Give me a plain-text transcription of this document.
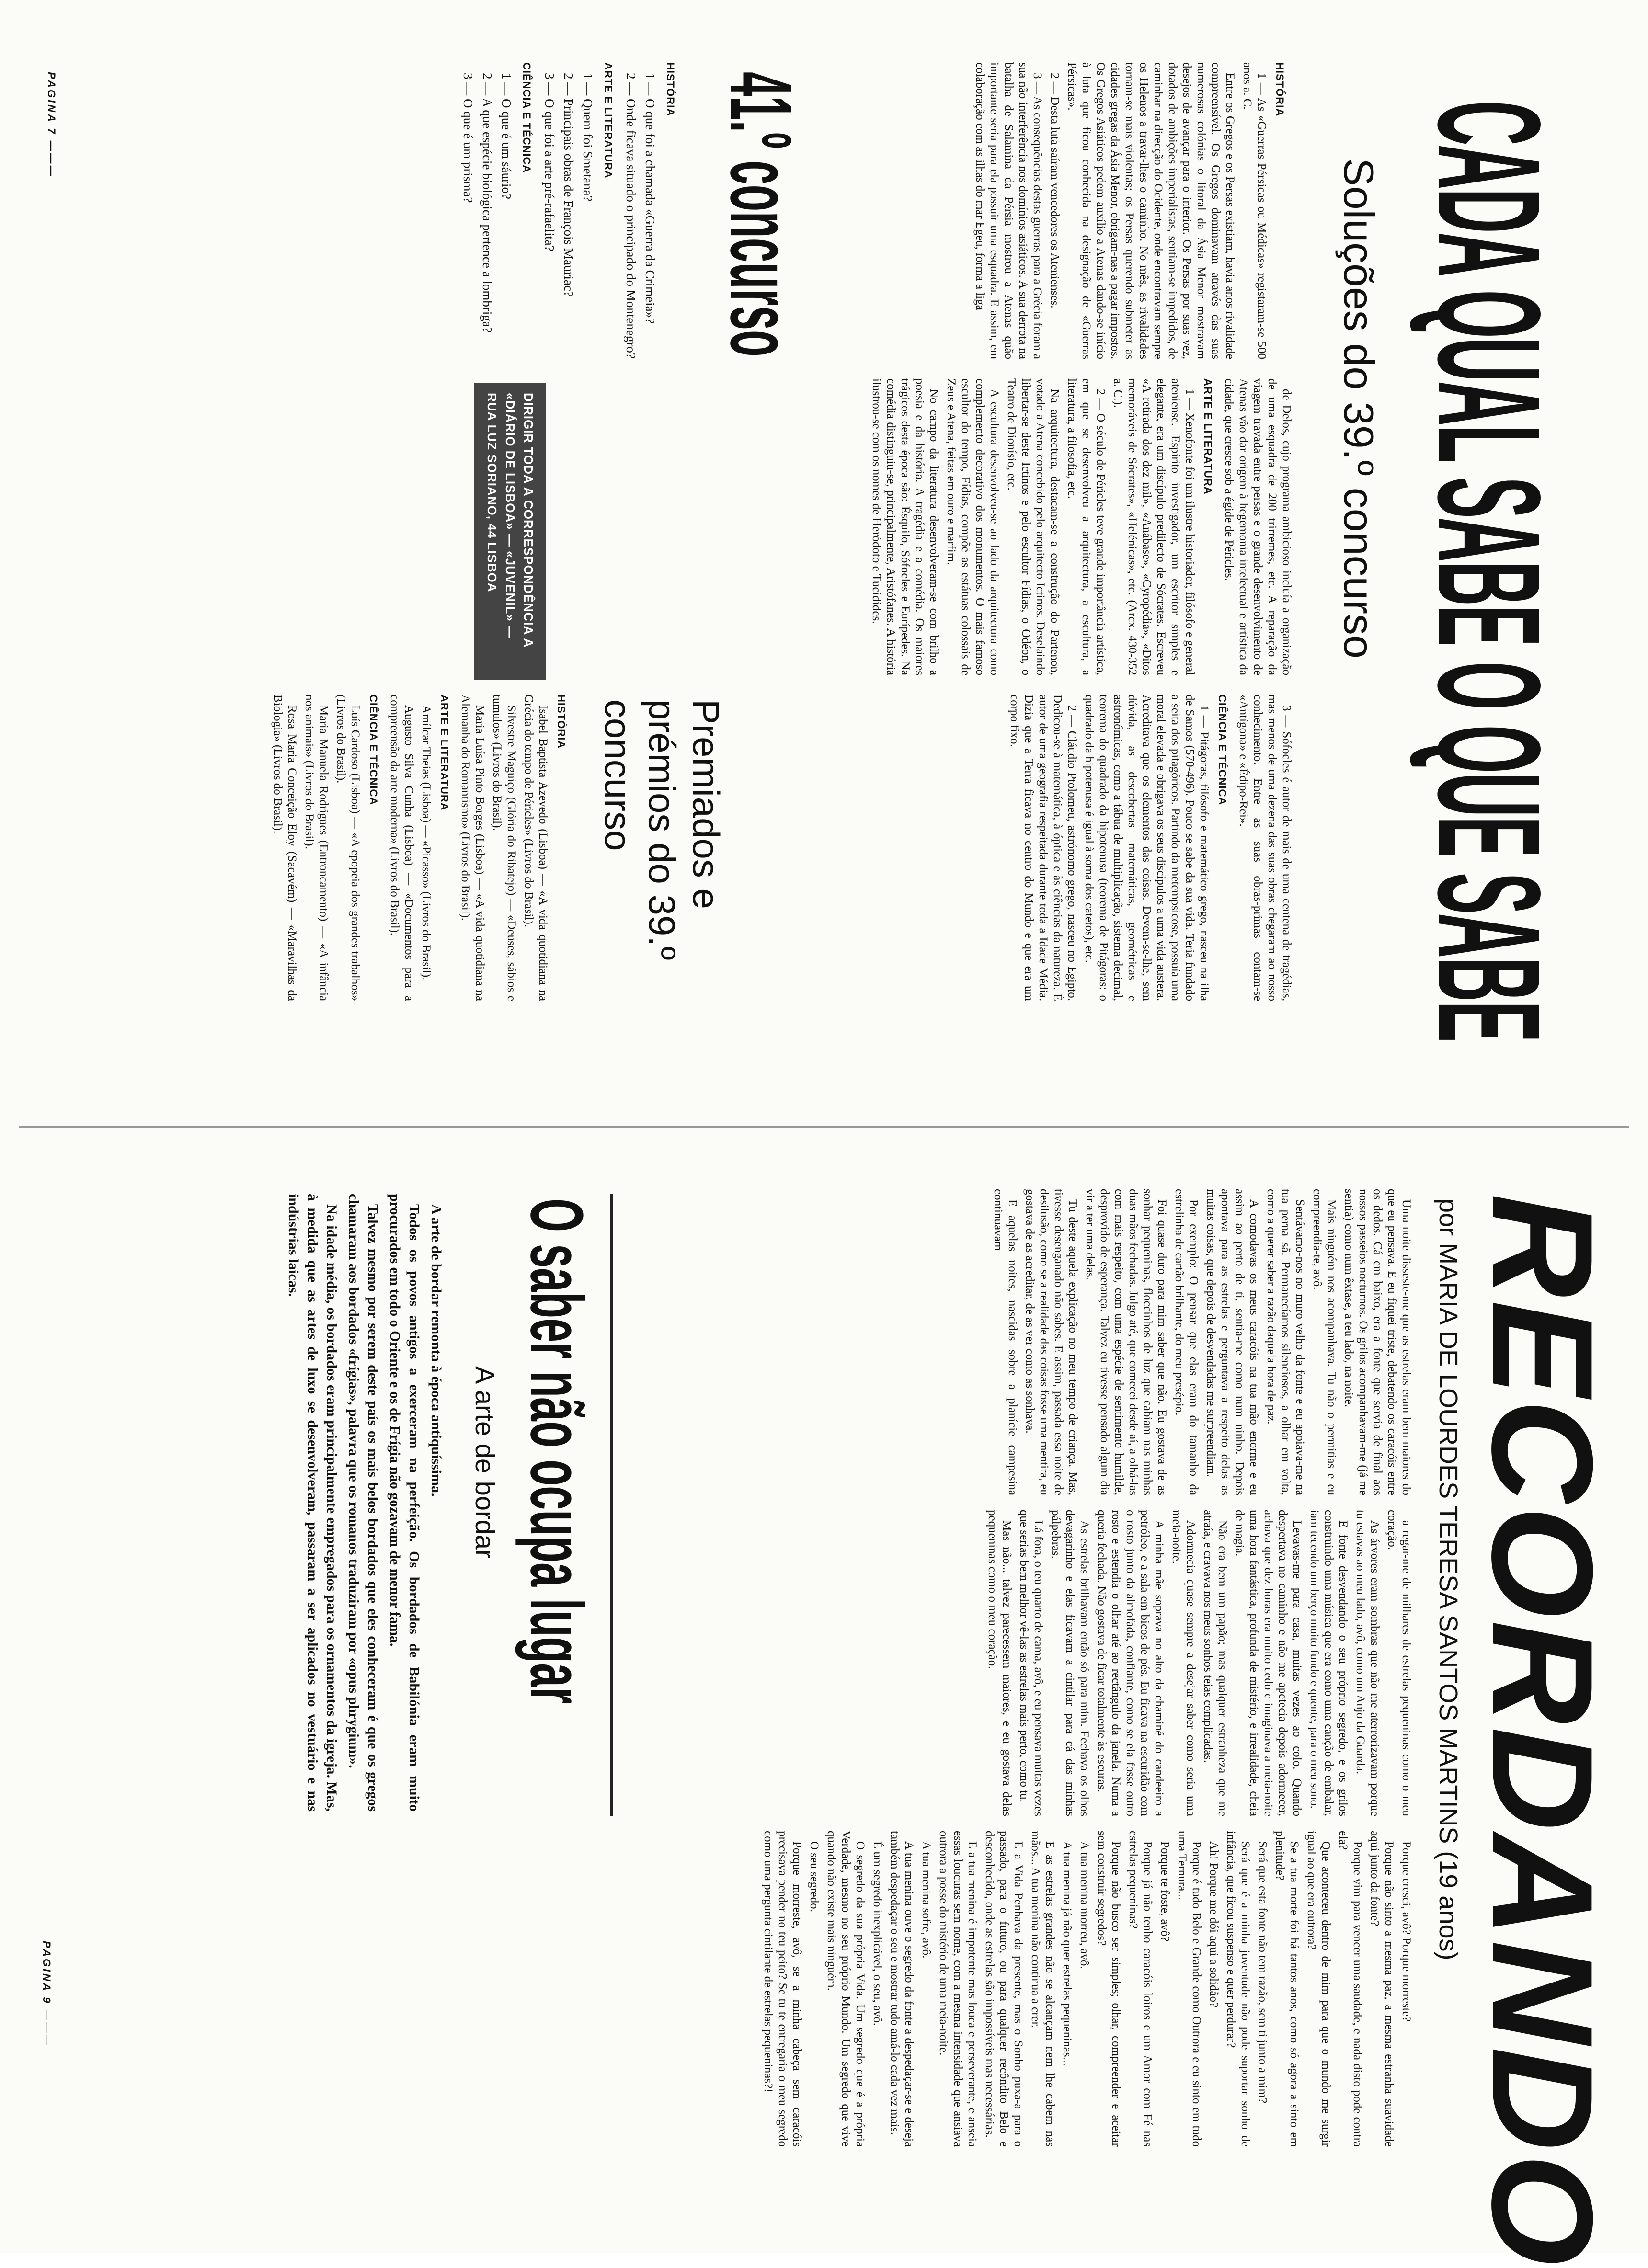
CADA QUAL SABE O QUE SABE
Soluções do 39.º concurso
HISTÓRIA

1 — As «Guerras Pérsicas ou Médicas» registaram-se 500 anos a. C.

Entre os Gregos e os Persas existiam, havia anos rivalidade compreensível. Os Gregos dominavam através das suas numerosas colónias o litoral da Ásia Menor mostravam desejos de avançar para o interior. Os Persas por suas vez, dotados de ambições imperialistas, sentiam-se impedidos, de caminhar na direcção do Ocidente, onde encontravam sempre os Helenos a travar-lhes o caminho. No mês, as rivalidades tornam-se mais violentas; os Persas querendo submeter as cidades gregas da Ásia Menor, obrigam-nas a pagar impostos. Os Gregos Asiáticos pedem auxílio a Atenas dando-se início à luta que ficou conhecida na designação de «Guerras Pérsicas».

2 — Desta luta saíram vencedores os Atenienses.

3 — As consequências destas guerras para a Grécia foram a sua não interferência nos domínios asiáticos. A sua derrota na batalha de Salamina da Pérsia mostrou a Atenas quão importante seria para ela possuir uma esquadra. E assim, em colaboração com as ilhas do mar Egeu, forma a liga

de Delos, cujo programa ambicioso incluía a organização de uma esquadra de 200 trirremes, etc. A reparação da viagem travada entre persas e o grande desenvolvimento de Atenas vão dar origem à hegemonia intelectual e artística da cidade, que cresce sob a égide de Péricles.

ARTE E LITERATURA

1 — Xenofonte foi um ilustre historiador, filósofo e general ateniense. Espírito investigador, um escritor simples e elegante, era um discípulo predilecto de Sócrates. Escreveu «A retirada dos dez mil», «Anábase», «Cyropédia», «Ditos memoráveis de Sócrates», «Helénicas», etc. (Arcx. 430-352 a. C.).

2 — O século de Péricles teve grande importância artística, em que se desenvolveu a arquitectura, a escultura, a literatura, a filosofia, etc.

Na arquitectura, destacam-se a construção do Partenon, votado a Atena concebido pelo arquitecto Ictinos. Deselaindo libertar-se deste Ictinos e pelo escultor Fídias, o Odéon, o Teatro de Dionísio, etc.

A escultura desenvolveu-se ao lado da arquitectura como complemento decorativo dos monumentos. O mais famoso escultor do tempo, Fídias, compõe as estátuas colossais de Zeus e Atena, feitas em ouro e marfim.

No campo da literatura desenvolveram-se com brilho a poesia e da história. A tragédia e a comédia. Os maiores trágicos desta época são: Ésquilo, Sófocles e Eurípedes. Na comédia distinguiu-se, principalmente, Aristófanes. A história ilustrou-se com os nomes de Heródoto e Tucídides.

3 — Sófocles é autor de mais de uma centena de tragédias, mas menos de uma dezena das suas obras chegaram ao nosso conhecimento. Entre as suas obras-primas contam-se «Antígona» e «Édipo-Rei».

CIÊNCIA E TÉCNICA

1 — Pitágoras, filósofo e matemático grego, nasceu na ilha de Samos (570-496). Pouco se sabe da sua vida. Teria fundado a seita dos pitagóricos. Partindo da metempsicose, possuía uma moral elevada e obrigava os seus discípulos a uma vida austera. Acreditava que os elementos das coisas. Devem-se-lhe, sem dúvida, as descobertas matemáticas, geométricas e astronómicas, como a tábua de multiplicação, sistema decimal, teorema do quadrado da hipotenusa (teorema de Pitágoras: o quadrado da hipotenusa é igual à soma dos catetos), etc.

2 — Cláudio Ptolomeu, astrónomo grego, nasceu no Egipto. Dedicou-se à matemática, à óptica e às ciências da natureza. É autor de uma geografia respeitada durante toda a Idade Média. Dizia que a Terra ficava no centro do Mundo e que era um corpo fixo.

41.º concurso
HISTÓRIA

1 — O que foi a chamada «Guerra da Crimeia»?

2 — Onde ficava situado o principado do Montenegro?

ARTE E LITERATURA

1 — Quem foi Smetana?

2 — Principais obras de François Mauriac?

3 — O que foi a arte pré-rafaelita?

CIÊNCIA E TÉCNICA

1 — O que é um sáurio?

2 — A que espécie biológica pertence a lombriga?

3 — O que é um prisma?

DIRIGIR TODA A CORRESPONDÊNCIA A «DIÁRIO DE LISBOA» — «JUVENIL» — RUA LUZ SORIANO, 44 LISBOA
Premiados e prémios do 39.º concurso
HISTÓRIA

Isabel Baptista Azevedo (Lisboa) — «A vida quotidiana na Grécia do tempo de Péricles» (Livros do Brasil).

Silvestre Maguiço (Glória do Ribatejo) — «Deuses, sábios e tumulos» (Livros do Brasil).

Maria Luísa Pinto Borges (Lisboa) — «A vida quotidiana na Alemanha do Romantismo» (Livros do Brasil).

ARTE E LITERATURA

Amílcar Theias (Lisboa) — «Picasso» (Livros do Brasil).

Augusto Silva Cunha (Lisboa) — «Documentos para a compreensão da arte moderna» (Livros do Brasil).

CIÊNCIA E TÉCNICA

Luís Cardoso (Lisboa) — «A epopeia dos grandes trabalhos» (Livros do Brasil).

Maria Manuela Rodrigues (Entroncamento) — «A infância nos animais» (Livros do Brasil).

Rosa Maria Conceição Eloy (Sacavém) — «Maravilhas da Biologia» (Livros do Brasil).

PAGINA 7 ———
RECORDANDO
por MARIA DE LOURDES TERESA SANTOS MARTINS (19 anos)

Uma noite disseste-me que as estrelas eram bem maiores do que eu pensava. E eu fiquei triste, debatendo os caracóis entre os dedos. Cá em baixo, era a fonte que servia de final aos nossos passeios nocturnos. Os grilos acompanhavam-me (já me sentia) como num êxtase, a teu lado, na noite.

Mais ninguém nos acompanhava. Tu não o permitias e eu compreendia-te, avô.

Sentávamo-nos no muro velho da fonte e eu apoiava-me na tua perna sã. Permanecíamos silenciosos, a olhar em volta, como a querer saber a razão daquela hora de paz.

A comodavas os meus caracóis na tua mão enorme e eu assim ao perto de ti, sentia-me como num ninho. Depois apontava para as estrelas e perguntava a respeito delas as muitas coisas, que depois de desvendadas me surpreendiam.

Por exemplo: O pensar que elas eram do tamanho da estrelinha de cartão brilhante, do meu presépio.

Foi quase duro para mim saber que não. Eu gostava de as sonhar pequeninas, floccinhos de luz que cabiam nas minhas duas mãos fechadas. Julgo até, que comecei desde aí, a olhá-las com mais respeito, com uma espécie de sentimento humilde, desprovido de esperança. Talvez eu tivesse pensado algum dia vir a ter uma delas.

Tu deste aquela explicação no meu tempo de criança. Mas, tivesse desenganado não sabes. E assim, passada essa noite de desilusão, como se a realidade das coisas fosse uma mentira, eu gostava de as acreditar, de as ver como as sonhava.

E aquelas noites, nascidas sobre a planície campesina continuavam

a regar-me de milhares de estrelas pequeninas como o meu coração.

As árvores eram sombras que não me aterrorizavam porque tu estavas ao meu lado, avô, como um Anjo da Guarda.

E fonte desvendando o seu próprio segredo, e os grilos construindo uma música que era como uma canção de embalar, iam tecendo um berço muito fundo e quente, para o meu sono.

Levavas-me para casa, muitas vezes ao colo. Quando despertava no caminho e não me apetecia depois adormecer, achava que dez horas era muito cedo e imaginava a meia-noite uma hora fantástica, profunda de mistério, e irrealidade, cheia de magia.

Não era bem um papão; mas qualquer estranheza que me atraía, e cravava nos meus sonhos teias complicadas.

Adormecia quase sempre a desejar saber como seria uma meia-noite.

A minha mãe soprava no alto da chaminé do candeeiro a petróleo, e a sala em bicos de pés. Eu ficava na escuridão com o rosto junto da almofada, confiante, como se ela fosse outro rosto e estendia o olhar até ao rectângulo da janela. Numa a queria fechada. Não gostava de ficar totalmente às escuras.

As estrelas brilhavam então só para mim. Fechava os olhos devagarinho e elas ficavam a cintilar para cá das minhas pálpebras.

Lá fora, o teu quarto de cama, avô, e eu pensava muitas vezes que serias bem melhor vê-las as estrelas mais perto, como tu.

Mas não... talvez parecessem maiores, e eu gostava delas pequeninas como o meu coração.

Porque cresci, avô? Porque morreste?

Porque não sinto a mesma paz, a mesma estranha suavidade aqui junto da fonte?

Porque vim para vencer uma saudade, e nada disto pode contra ela?

Que aconteceu dentro de mim para que o mundo me surgir igual ao que era outrora?

Se a tua morte foi há tantos anos, como só agora a sinto em plenitude?

Será que esta fonte não tem razão, sem ti junto a mim?

Será que é a minha juventude não pode suportar sonho de infância, que ficou suspenso e quer perdurar?

Ah! Porque me dói aqui a solidão?

Porque é tudo Belo e Grande como Outrora e eu sinto em tudo uma Ternura...

Porque te foste, avô?

Porque já não tenho caracóis loiros e um Amor com Fé nas estrelas pequeninas?

Porque não busco ser simples; olhar, compreender e aceitar sem construir segredos?

A tua menina morreu, avô.

A tua menina já não quer estrelas pequeninas...

E as estrelas grandes não se alcançam nem lhe cabem nas mãos... A tua menina não continua a crer.

E a Vida Penhava da presente, mas o Sonho puxa-a para o passado, para o futuro, ou para qualquer recôndito Belo e desconhecido, onde as estrelas são impossíveis mas necessárias.

E a tua menina é impotente mas louca e perseverante, e anseia essas loucuras sem nome, com a mesma intensidade que ansiava outrora a posse do mistério de uma meia-noite.

A tua menina sofre, avô.

A tua menina ouve o segredo da fonte a despedaçar-se e deseja também despedaçar o seu e mostrar tudo amá-lo cada vez mais.

É um segredo inexplicável, o seu, avô.

O segredo da sua própria Vida. Um segredo que é a própria Verdade, mesmo no seu próprio Mundo. Um segredo que vive quando não existe mais ninguém.

O seu segredo.

Porque morreste, avô, se a minha cabeça sem caracóis precisava pender no teu peito? Se tu te entregaria o meu segredo como uma pergunta cintilante de estrelas pequeninas?!

O saber não ocupa lugar
A arte de bordar

A arte de bordar remonta à época antiquíssima.

Todos os povos antigos a exerceram na perfeição. Os bordados de Babilónia eram muito procurados em todo o Oriente e os de Frígia não gozavam de menor fama.

Talvez mesmo por serem deste país os mais belos bordados que eles conheceram é que os gregos chamaram aos bordados «frígias», palavra que os romanos traduziram por «opus phrygium».

Na idade média, os bordados eram principalmente empregados para os ornamentos da igreja. Mas, à medida que as artes de luxo se desenvolveram, passaram a ser aplicados no vestuário e nas indústrias laicas.

PAGINA 9 ———
